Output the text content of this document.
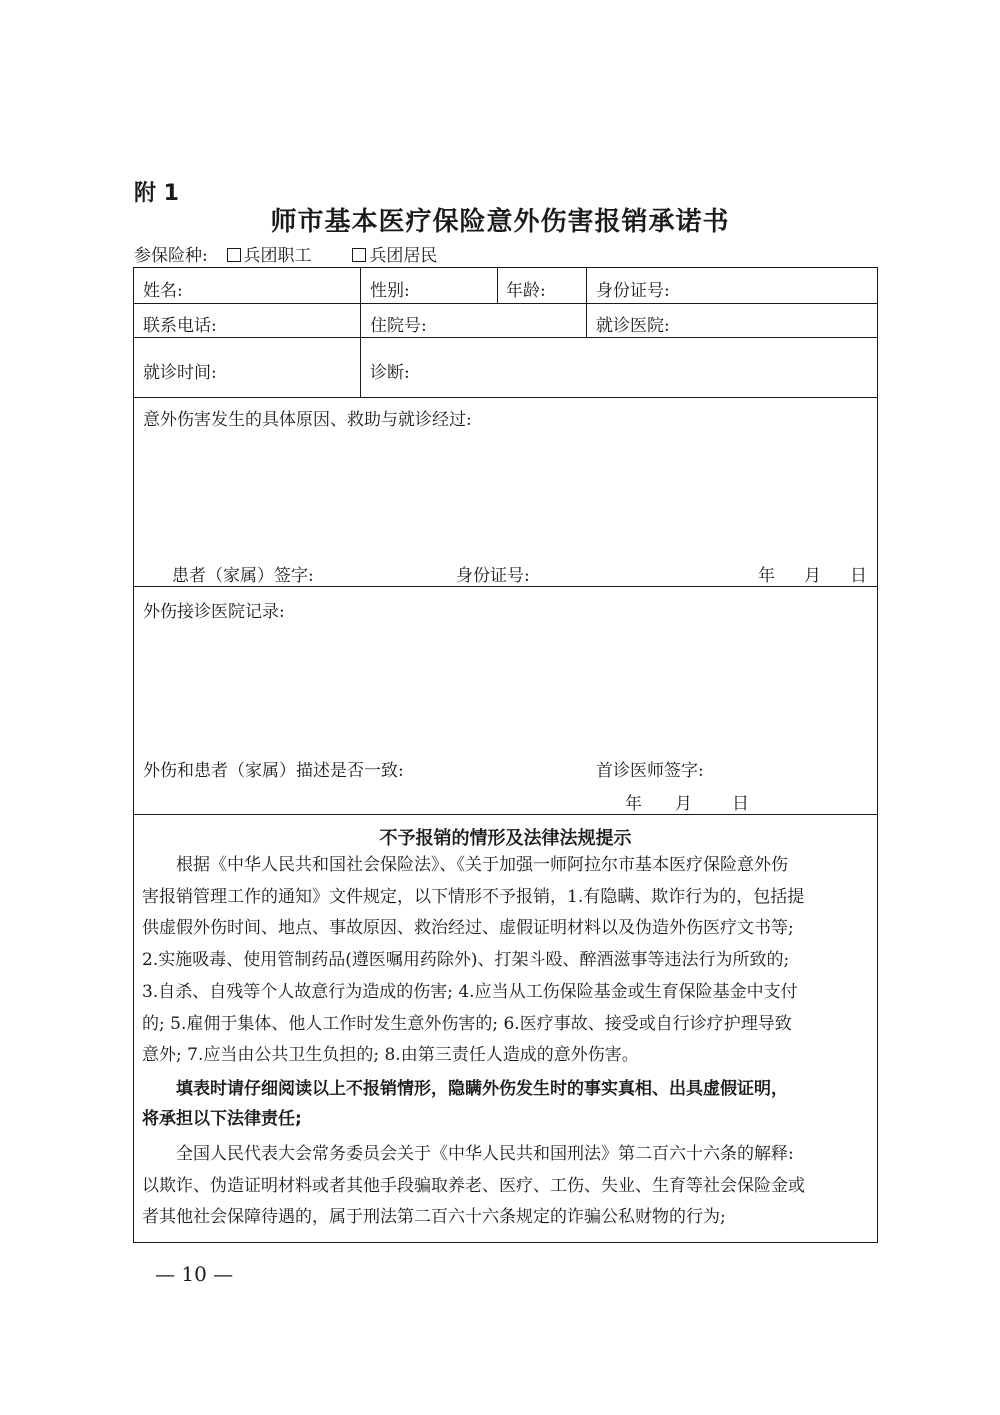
附 1
师市基本医疗保险意外伤害报销承诺书
参保险种: 兵团职工	兵团居民
姓名:	性别:	年龄:	身份证号:
联系电话:	住院号:	就诊医院:
就诊时间:	诊断:
意外伤害发生的具体原因、救助与就诊经过:
患者（家属）签字:	身份证号:	年 月 日
外伤接诊医院记录:
外伤和患者（家属）描述是否一致:	首诊医师签字:
年 月 日
不予报销的情形及法律法规提示
根据《中华人民共和国社会保险法》、《关于加强一师阿拉尔市基本医疗保险意外伤
害报销管理工作的通知》文件规定，以下情形不予报销，1.有隐瞒、欺诈行为的，包括提
供虚假外伤时间、地点、事故原因、救治经过、虚假证明材料以及伪造外伤医疗文书等;
2.实施吸毒、使用管制药品(遵医嘱用药除外)、打架斗殴、醉酒滋事等违法行为所致的;
3.自杀、自残等个人故意行为造成的伤害; 4.应当从工伤保险基金或生育保险基金中支付
的; 5.雇佣于集体、他人工作时发生意外伤害的; 6.医疗事故、接受或自行诊疗护理导致
意外; 7.应当由公共卫生负担的; 8.由第三责任人造成的意外伤害。
填表时请仔细阅读以上不报销情形，隐瞒外伤发生时的事实真相、出具虚假证明，
将承担以下法律责任;
全国人民代表大会常务委员会关于《中华人民共和国刑法》第二百六十六条的解释:
以欺诈、伪造证明材料或者其他手段骗取养老、医疗、工伤、失业、生育等社会保险金或
者其他社会保障待遇的，属于刑法第二百六十六条规定的诈骗公私财物的行为;
— 10 —
